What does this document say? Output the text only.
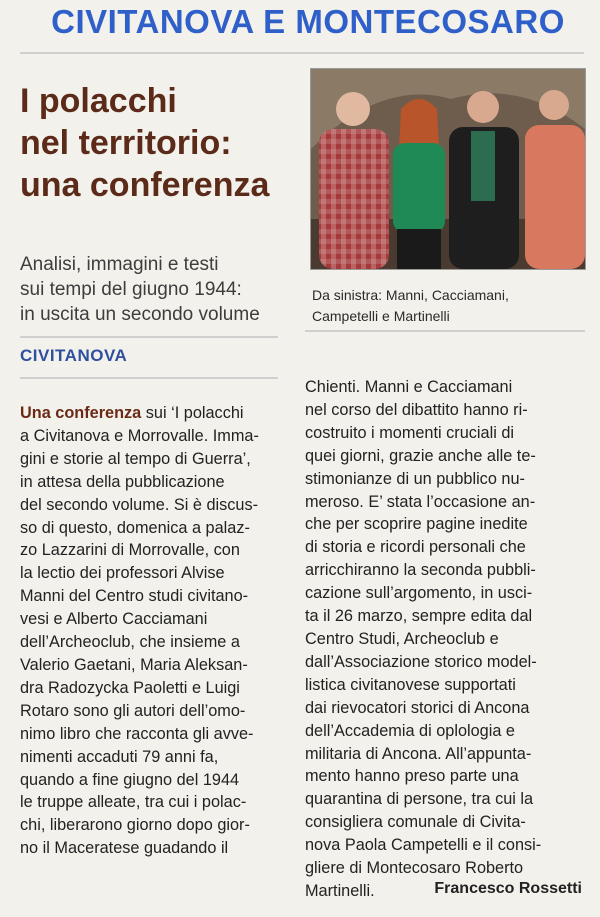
CIVITANOVA E MONTECOSARO
I polacchi
nel territorio:
una conferenza
Analisi, immagini e testi
sui tempi del giugno 1944:
in uscita un secondo volume
Da sinistra: Manni, Cacciamani,
Campetelli e Martinelli
CIVITANOVA
Una conferenza sui ‘I polacchi
a Civitanova e Morrovalle. Imma-
gini e storie al tempo di Guerra’,
in attesa della pubblicazione
del secondo volume. Si è discus-
so di questo, domenica a palaz-
zo Lazzarini di Morrovalle, con
la lectio dei professori Alvise
Manni del Centro studi civitano-
vesi e Alberto Cacciamani
dell’Archeoclub, che insieme a
Valerio Gaetani, Maria Aleksan-
dra Radozycka Paoletti e Luigi
Rotaro sono gli autori dell’omo-
nimo libro che racconta gli avve-
nimenti accaduti 79 anni fa,
quando a fine giugno del 1944
le truppe alleate, tra cui i polac-
chi, liberarono giorno dopo gior-
no il Maceratese guadando il
Chienti. Manni e Cacciamani
nel corso del dibattito hanno ri-
costruito i momenti cruciali di
quei giorni, grazie anche alle te-
stimonianze di un pubblico nu-
meroso. E’ stata l’occasione an-
che per scoprire pagine inedite
di storia e ricordi personali che
arricchiranno la seconda pubbli-
cazione sull’argomento, in usci-
ta il 26 marzo, sempre edita dal
Centro Studi, Archeoclub e
dall’Associazione storico model-
listica civitanovese supportati
dai rievocatori storici di Ancona
dell’Accademia di oplologia e
militaria di Ancona. All’appunta-
mento hanno preso parte una
quarantina di persone, tra cui la
consigliera comunale di Civita-
nova Paola Campetelli e il consi-
gliere di Montecosaro Roberto
Martinelli.	Francesco Rossetti
